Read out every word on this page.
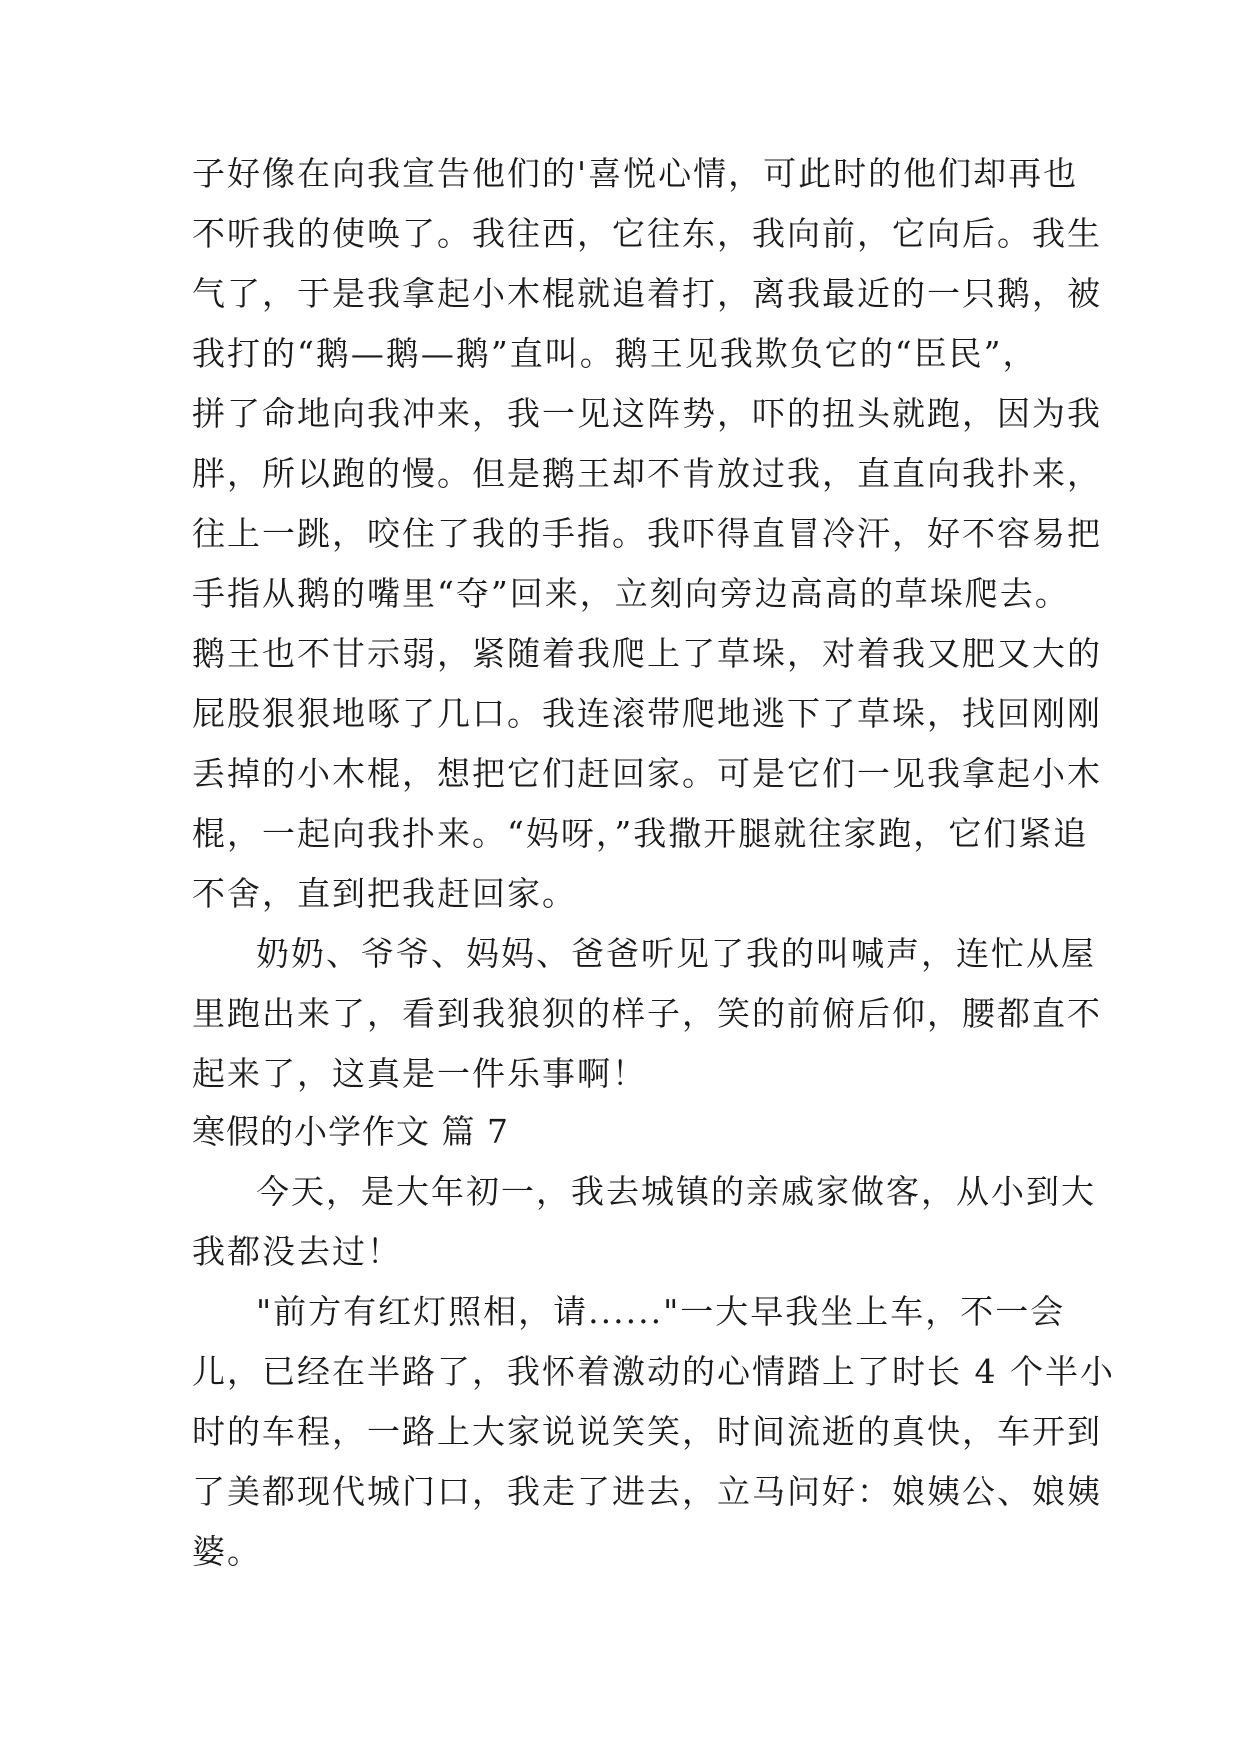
子好像在向我宣告他们的'喜悦心情，可此时的他们却再也
不听我的使唤了。我往西，它往东，我向前，它向后。我生
气了，于是我拿起小木棍就追着打，离我最近的一只鹅，被
我打的“鹅—鹅—鹅”直叫。鹅王见我欺负它的“臣民”，
拼了命地向我冲来，我一见这阵势，吓的扭头就跑，因为我
胖，所以跑的慢。但是鹅王却不肯放过我，直直向我扑来，
往上一跳，咬住了我的手指。我吓得直冒冷汗，好不容易把
手指从鹅的嘴里“夺”回来，立刻向旁边高高的草垛爬去。
鹅王也不甘示弱，紧随着我爬上了草垛，对着我又肥又大的
屁股狠狠地啄了几口。我连滚带爬地逃下了草垛，找回刚刚
丢掉的小木棍，想把它们赶回家。可是它们一见我拿起小木
棍，一起向我扑来。“妈呀，”我撒开腿就往家跑，它们紧追
不舍，直到把我赶回家。
奶奶、爷爷、妈妈、爸爸听见了我的叫喊声，连忙从屋
里跑出来了，看到我狼狈的样子，笑的前俯后仰，腰都直不
起来了，这真是一件乐事啊！
寒假的小学作文 篇 7
今天，是大年初一，我去城镇的亲戚家做客，从小到大
我都没去过！
"前方有红灯照相，请......"一大早我坐上车，不一会
儿，已经在半路了，我怀着激动的心情踏上了时长 4 个半小
时的车程，一路上大家说说笑笑，时间流逝的真快，车开到
了美都现代城门口，我走了进去，立马问好：娘姨公、娘姨
婆。
